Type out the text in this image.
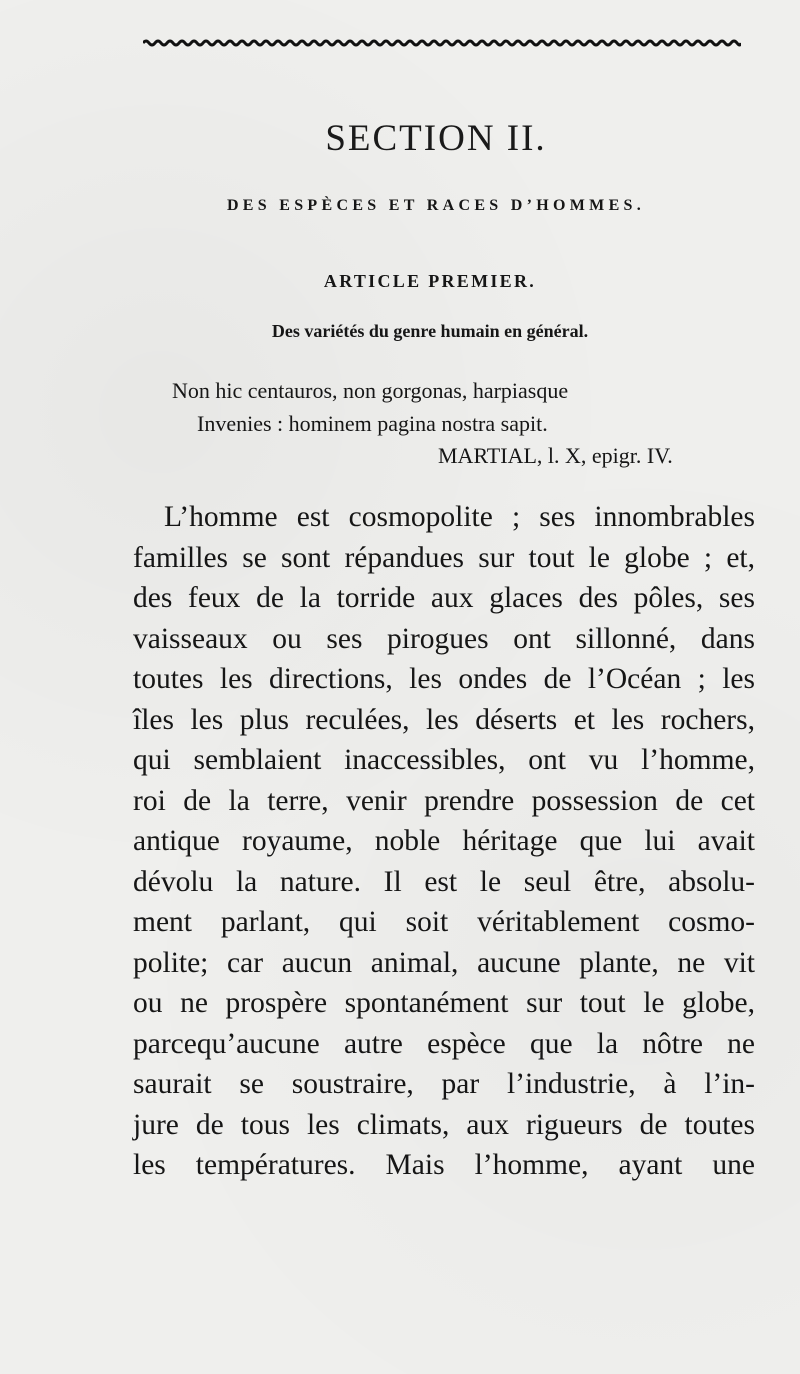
SECTION II.
DES ESPÈCES ET RACES D’HOMMES.
ARTICLE PREMIER.
Des variétés du genre humain en général.
Non hic centauros, non gorgonas, harpiasque
Invenies : hominem pagina nostra sapit.
MARTIAL, l. X, epigr. IV.
L’homme est cosmopolite ; ses innombrables
familles se sont répandues sur tout le globe ; et,
des feux de la torride aux glaces des pôles, ses
vaisseaux ou ses pirogues ont sillonné, dans
toutes les directions, les ondes de l’Océan ; les
îles les plus reculées, les déserts et les rochers,
qui semblaient inaccessibles, ont vu l’homme,
roi de la terre, venir prendre possession de cet
antique royaume, noble héritage que lui avait
dévolu la nature. Il est le seul être, absolu-
ment parlant, qui soit véritablement cosmo-
polite; car aucun animal, aucune plante, ne vit
ou ne prospère spontanément sur tout le globe,
parcequ’aucune autre espèce que la nôtre ne
saurait se soustraire, par l’industrie, à l’in-
jure de tous les climats, aux rigueurs de toutes
les températures. Mais l’homme, ayant une
